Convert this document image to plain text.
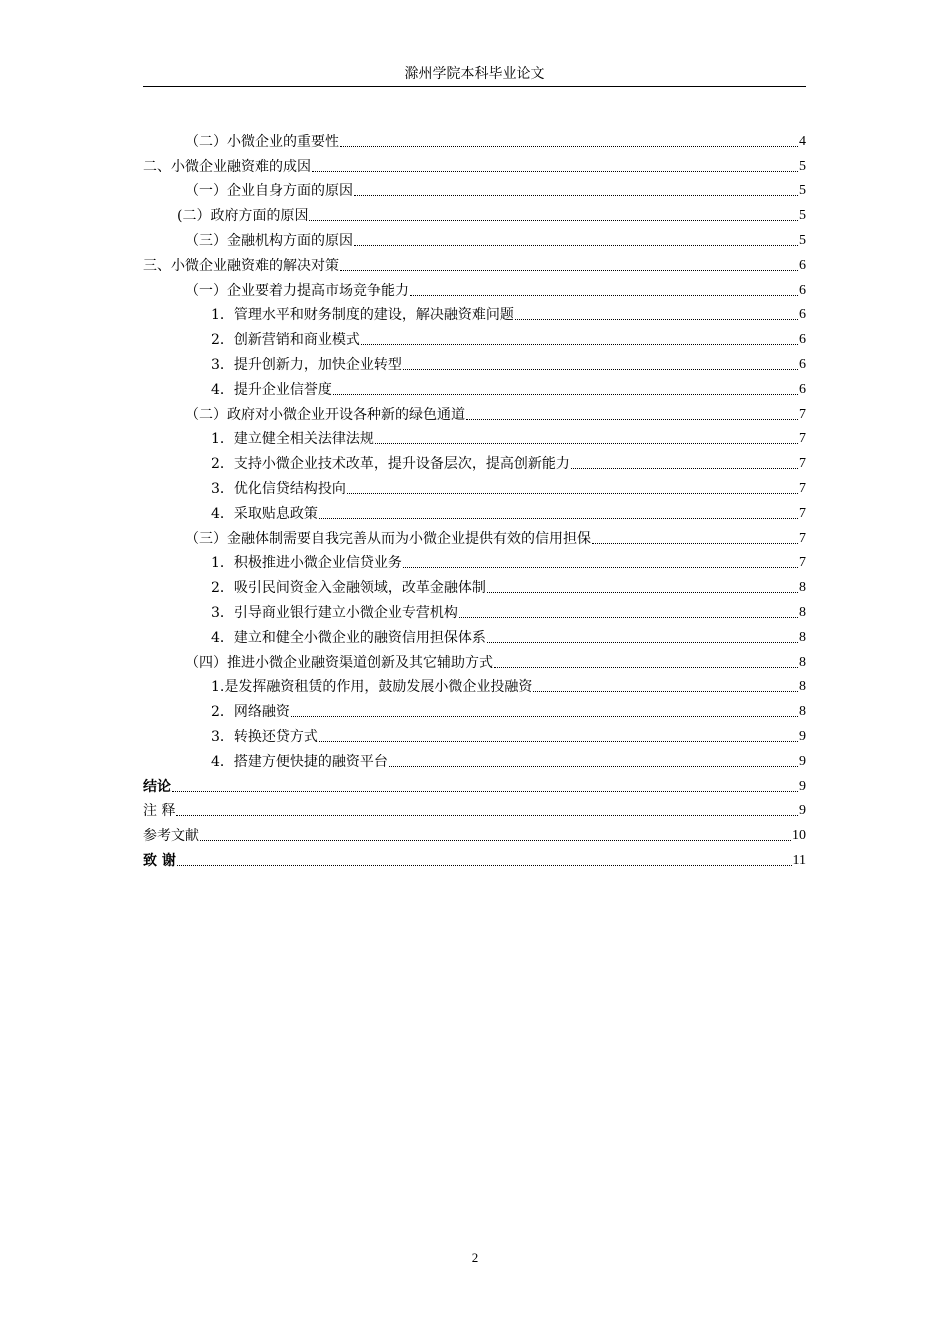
滁州学院本科毕业论文
（二）小微企业的重要性	4
二、小微企业融资难的成因	5
（一）企业自身方面的原因	5
(二）政府方面的原因	5
（三）金融机构方面的原因	5
三、小微企业融资难的解决对策	6
（一）企业要着力提高市场竞争能力	6
1．管理水平和财务制度的建设，解决融资难问题	6
2．创新营销和商业模式	6
3．提升创新力，加快企业转型	6
4．提升企业信誉度	6
（二）政府对小微企业开设各种新的绿色通道	7
1．建立健全相关法律法规	7
2．支持小微企业技术改革，提升设备层次，提高创新能力	7
3．优化信贷结构投向	7
4．采取贴息政策	7
（三）金融体制需要自我完善从而为小微企业提供有效的信用担保	7
1．积极推进小微企业信贷业务	7
2．吸引民间资金入金融领域，改革金融体制	8
3．引导商业银行建立小微企业专营机构	8
4．建立和健全小微企业的融资信用担保体系	8
（四）推进小微企业融资渠道创新及其它辅助方式	8
1.是发挥融资租赁的作用，鼓励发展小微企业投融资	8
2．网络融资	8
3．转换还贷方式	9
4．搭建方便快捷的融资平台	9
结论	9
注 释	9
参考文献	10
致 谢	11
2
